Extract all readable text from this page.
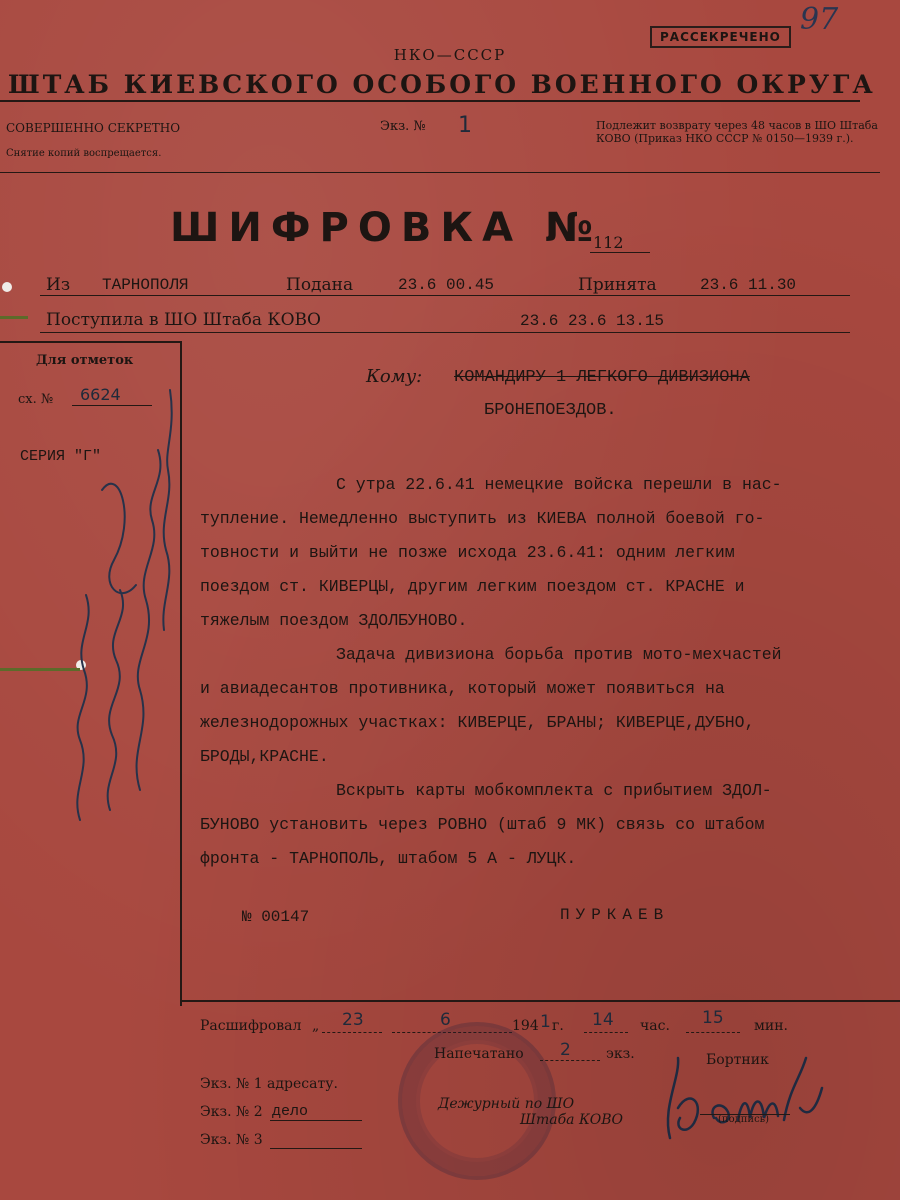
РАССЕКРЕЧЕНО 97
НКО—СССР
ШТАБ КИЕВСКОГО ОСОБОГО ВОЕННОГО ОКРУГА
СОВЕРШЕННО СЕКРЕТНО
Снятие копий воспрещается.
Экз. № 1	Подлежит возврату через 48 часов в ШО Штаба КОВО (Приказ НКО СССР № 0150—1939 г.).
ШИФРОВКА №
112
Из ТАРНОПОЛЯ	Подана	23.6 00.45	Принята	23.6 11.30
Поступила в ШО Штаба КОВО	23.6 23.6 13.15
Для отметок
сх. № 6624
СЕРИЯ "Г"
Кому: КОМАНДИРУ 1 ЛЕГКОГО ДИВИЗИОНА
БРОНЕПОЕЗДОВ.
С утра 22.6.41 немецкие войска перешли в нас-
тупление. Немедленно выступить из КИЕВА полной боевой го-
товности и выйти не позже исхода 23.6.41: одним легким
поездом ст. КИВЕРЦЫ, другим легким поездом ст. КРАСНЕ и
тяжелым поездом ЗДОЛБУНОВО.
Задача дивизиона борьба против мото-мехчастей
и авиадесантов противника, который может появиться на
железнодорожных участках: КИВЕРЦЕ, БРАНЫ; КИВЕРЦЕ,ДУБНО,
БРОДЫ,КРАСНЕ.
Вскрыть карты мобкомплекта с прибытием ЗДОЛ-
БУНОВО установить через РОВНО (штаб 9 МК) связь со штабом
фронта - ТАРНОПОЛЬ, штабом 5 А - ЛУЦК.
№ 00147	ПУРКАЕВ
Расшифровал „ 23	6	194 1 г. 14 час. 15 мин.
Напечатано 2	экз.
Экз. № 1 адресату.
Экз. № 2 дело
Экз. № 3
Дежурный по ШО
Штаба КОВО
Бортник
(подпись)
